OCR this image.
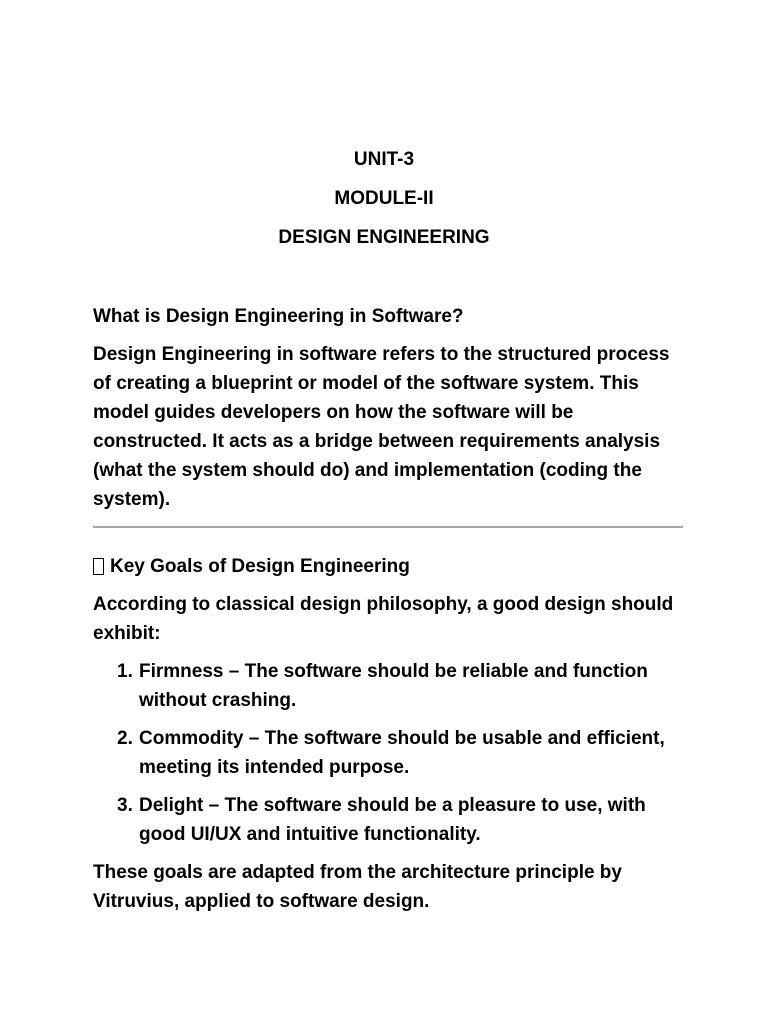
UNIT-3
MODULE-II
DESIGN ENGINEERING

What is Design Engineering in Software?

Design Engineering in software refers to the structured process of creating a blueprint or model of the software system. This model guides developers on how the software will be constructed. It acts as a bridge between requirements analysis (what the system should do) and implementation (coding the system).

Key Goals of Design Engineering

According to classical design philosophy, a good design should exhibit:

1. Firmness – The software should be reliable and function without crashing.
2. Commodity – The software should be usable and efficient, meeting its intended purpose.
3. Delight – The software should be a pleasure to use, with good UI/UX and intuitive functionality.

These goals are adapted from the architecture principle by Vitruvius, applied to software design.
